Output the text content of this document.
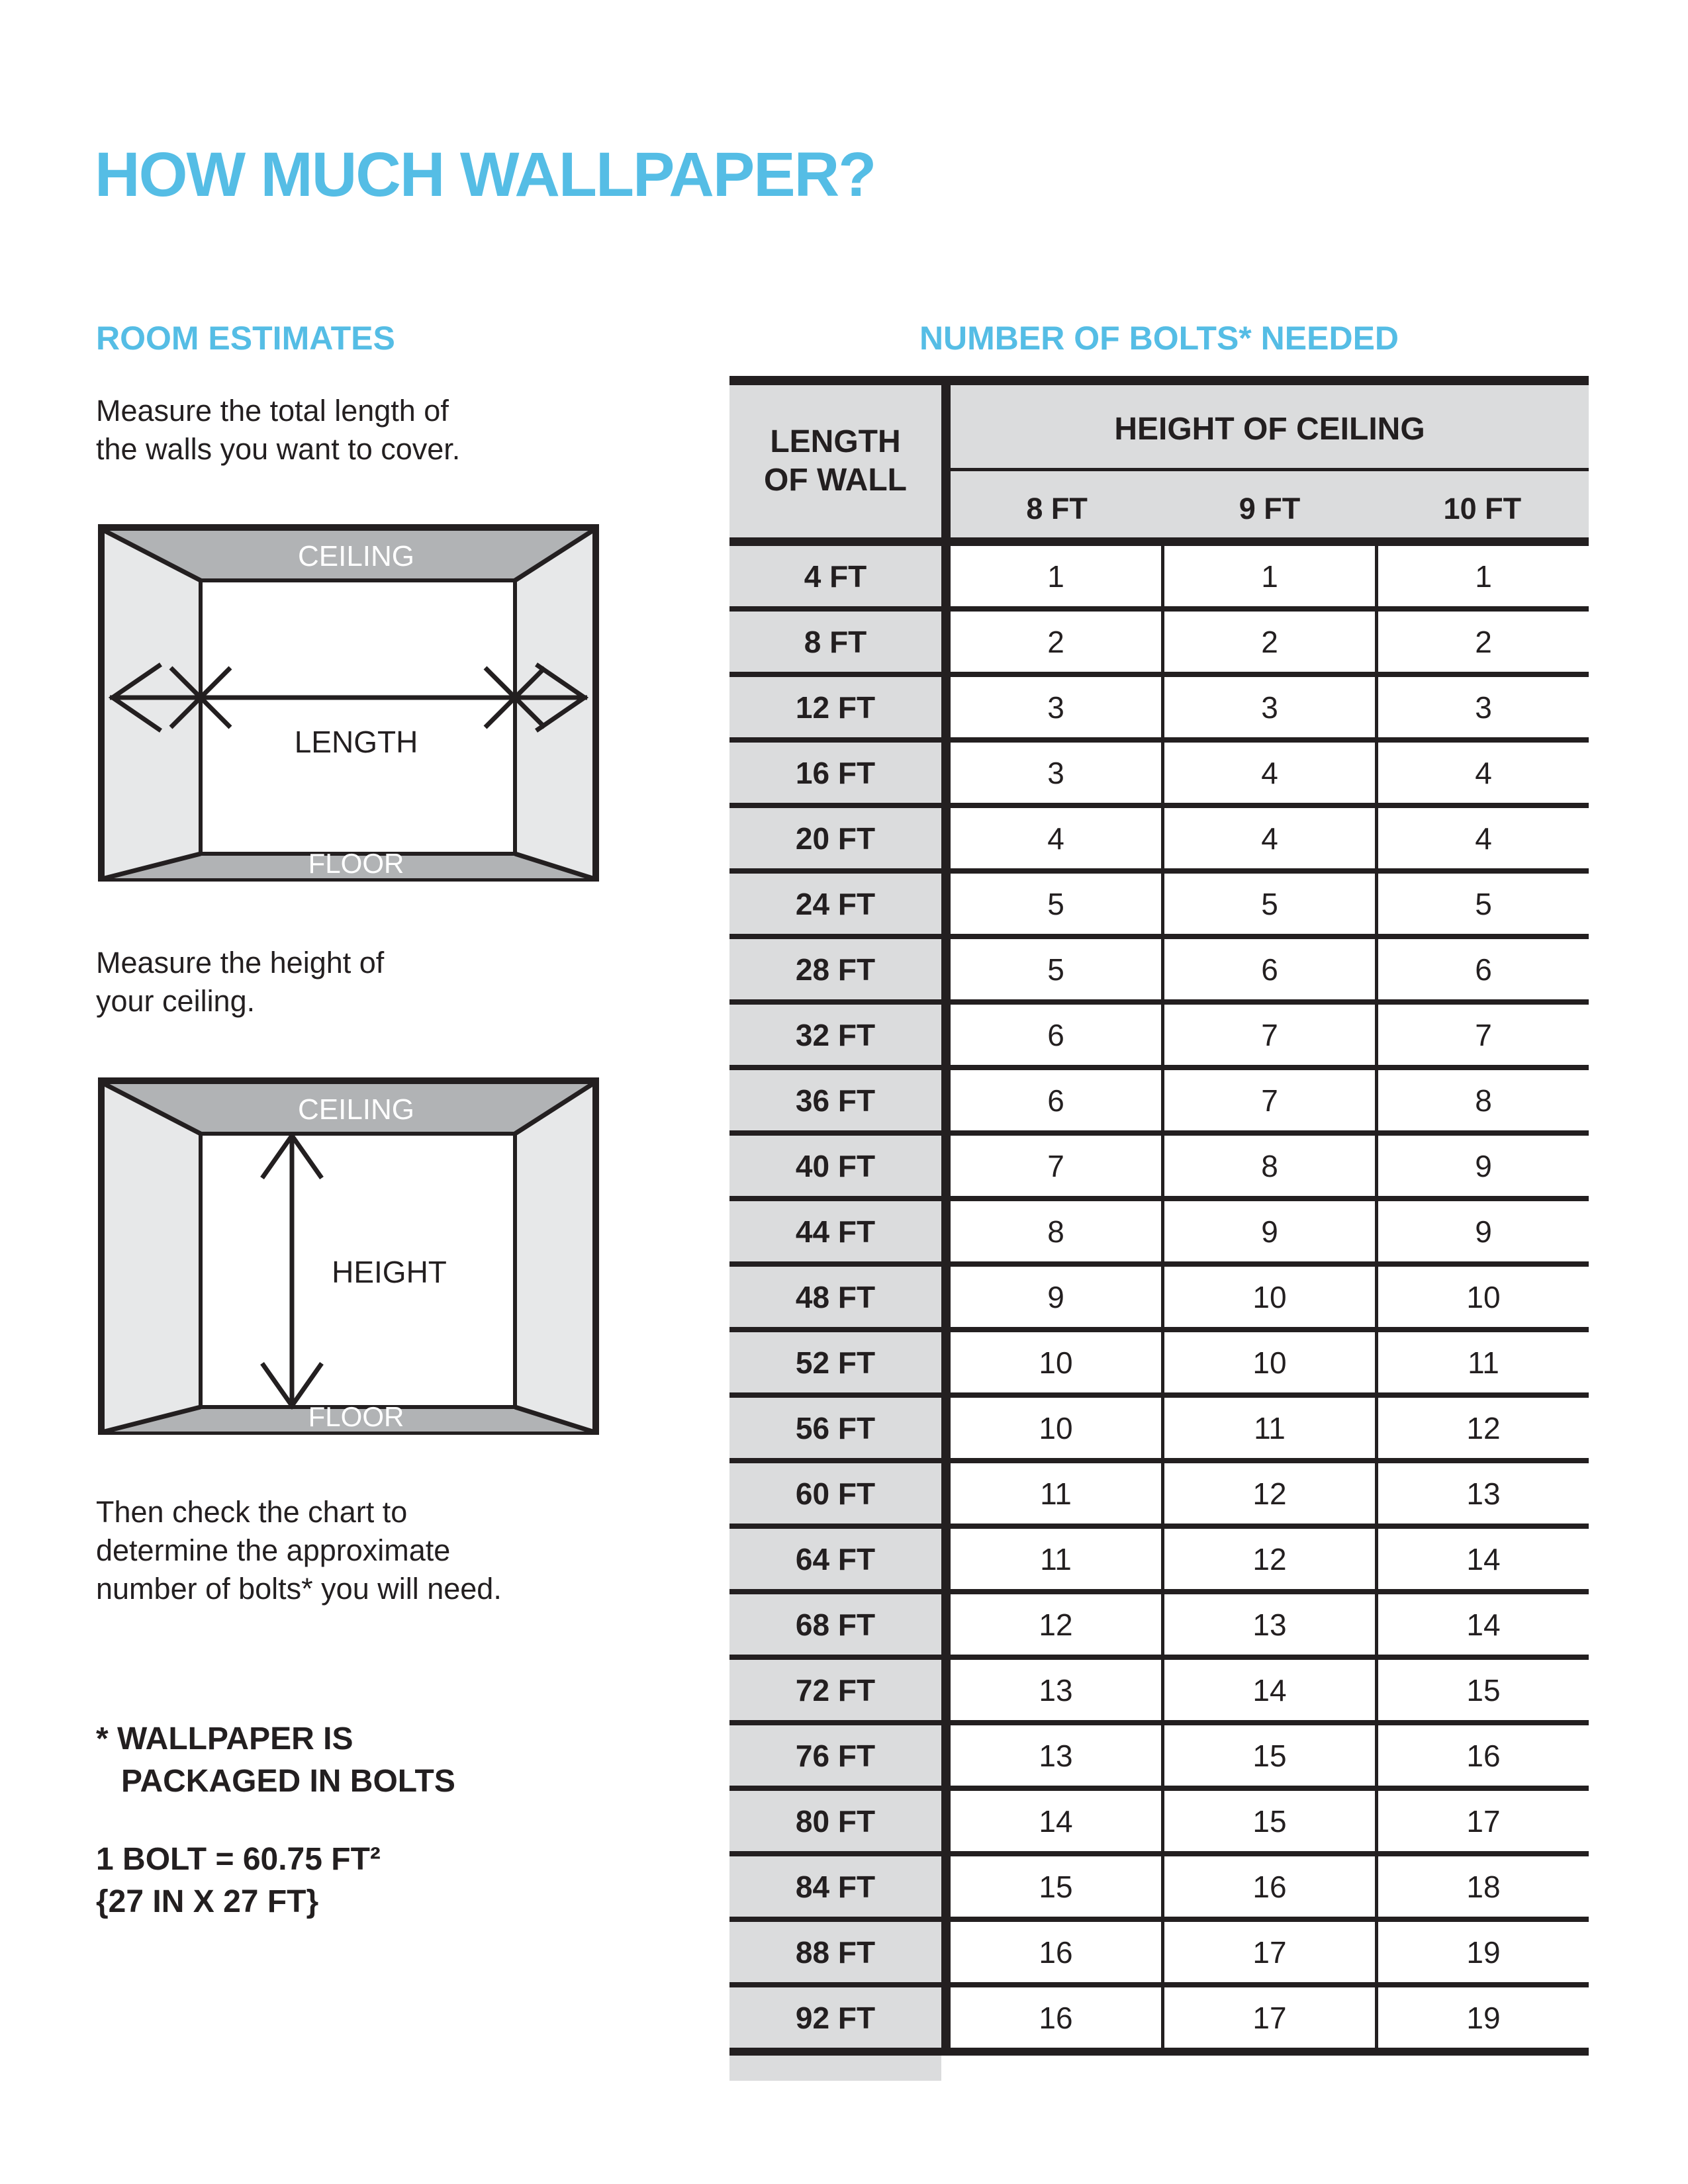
HOW MUCH WALLPAPER?
ROOM ESTIMATES	NUMBER OF BOLTS* NEEDED
Measure the total length of
the walls you want to cover.
CEILING
FLOOR
LENGTH
Measure the height of
your ceiling.
CEILING
FLOOR
HEIGHT
Then check the chart to
determine the approximate
number of bolts* you will need.
* WALLPAPER IS
PACKAGED IN BOLTS
1 BOLT = 60.75 FT²
{27 IN X 27 FT}
LENGTH
OF WALL
HEIGHT OF CEILING
8 FT	9 FT	10 FT
4 FT	1	1	1
8 FT	2	2	2
12 FT	3	3	3
16 FT	3	4	4
20 FT	4	4	4
24 FT	5	5	5
28 FT	5	6	6
32 FT	6	7	7
36 FT	6	7	8
40 FT	7	8	9
44 FT	8	9	9
48 FT	9	10	10
52 FT	10	10	11
56 FT	10	11	12
60 FT	11	12	13
64 FT	11	12	14
68 FT	12	13	14
72 FT	13	14	15
76 FT	13	15	16
80 FT	14	15	17
84 FT	15	16	18
88 FT	16	17	19
92 FT	16	17	19
